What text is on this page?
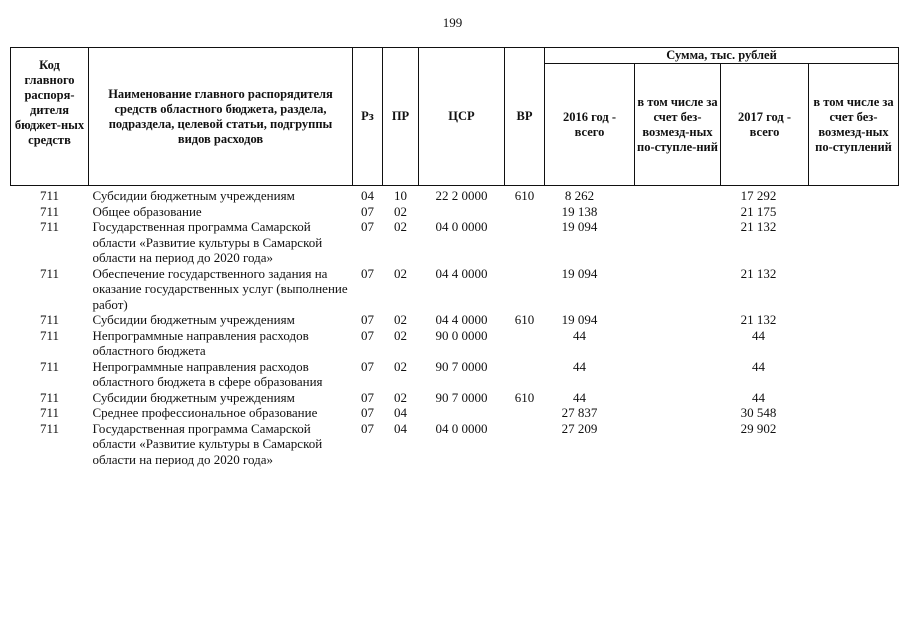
199
Код главного распоря-дителя бюджет-ных средств	Наименование главного распорядителя средств областного бюджета, раздела, подраздела, целевой статьи, подгруппы видов расходов	Рз	ПР	ЦСР	ВР	Сумма, тыс. рублей			
						2016 год - всего	в том числе за счет без-возмезд-ных по-ступле-ний	2017 год - всего	в том числе за счет без-возмезд-ных по-ступлений
711	Субсидии бюджетным учреждениям	04	10	22 2 0000	610	8 262		17 292	
711	Общее образование	07	02			19 138		21 175	
711	Государственная программа Самарской области «Развитие культуры в Самарской области на период до 2020 года»	07	02	04 0 0000		19 094		21 132	
711	Обеспечение государственного задания на оказание государственных услуг (выполнение работ)	07	02	04 4 0000		19 094		21 132	
711	Субсидии бюджетным учреждениям	07	02	04 4 0000	610	19 094		21 132	
711	Непрограммные направления расходов областного бюджета	07	02	90 0 0000		44		44	
711	Непрограммные направления расходов областного бюджета в сфере образования	07	02	90 7 0000		44		44	
711	Субсидии бюджетным учреждениям	07	02	90 7 0000	610	44		44	
711	Среднее профессиональное образование	07	04			27 837		30 548	
711	Государственная программа Самарской области «Развитие культуры в Самарской области на период до 2020 года»	07	04	04 0 0000		27 209		29 902	
